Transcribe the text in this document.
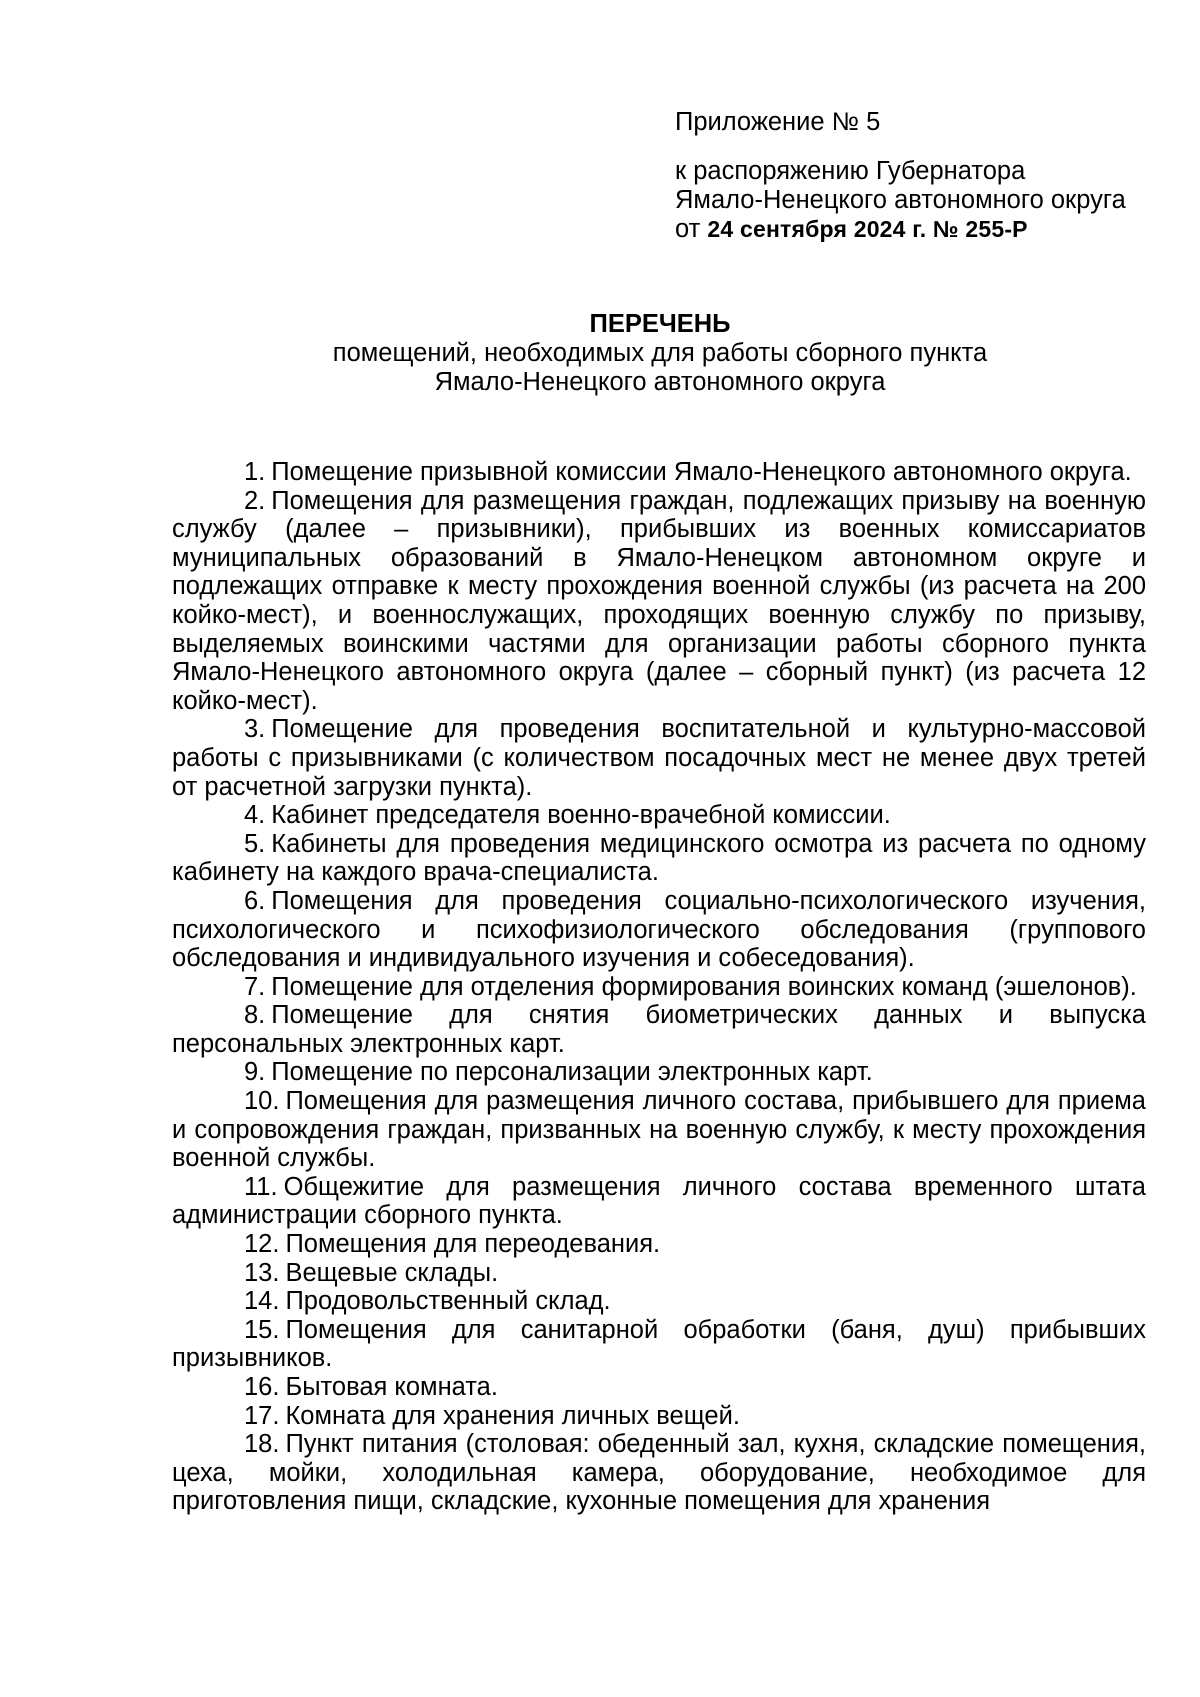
Приложение № 5
к распоряжению Губернатора
Ямало-Ненецкого автономного округа
от 24 сентября 2024 г. № 255-Р
ПЕРЕЧЕНЬ
помещений, необходимых для работы сборного пункта
Ямало-Ненецкого автономного округа

1. Помещение призывной комиссии Ямало-Ненецкого автономного округа.

2. Помещения для размещения граждан, подлежащих призыву на военную службу (далее – призывники), прибывших из военных комиссариатов муниципальных образований в Ямало-Ненецком автономном округе и подлежащих отправке к месту прохождения военной службы (из расчета на 200 койко-мест), и военнослужащих, проходящих военную службу по призыву, выделяемых воинскими частями для организации работы сборного пункта Ямало-Ненецкого автономного округа (далее – сборный пункт) (из расчета 12 койко-мест).

3. Помещение для проведения воспитательной и культурно-массовой работы с призывниками (с количеством посадочных мест не менее двух третей от расчетной загрузки пункта).

4. Кабинет председателя военно-врачебной комиссии.

5. Кабинеты для проведения медицинского осмотра из расчета по одному кабинету на каждого врача-специалиста.

6. Помещения для проведения социально-психологического изучения, психологического и психофизиологического обследования (группового обследования и индивидуального изучения и собеседования).

7. Помещение для отделения формирования воинских команд (эшелонов).

8. Помещение для снятия биометрических данных и выпуска персональных электронных карт.

9. Помещение по персонализации электронных карт.

10. Помещения для размещения личного состава, прибывшего для приема и сопровождения граждан, призванных на военную службу, к месту прохождения военной службы.

11. Общежитие для размещения личного состава временного штата администрации сборного пункта.

12. Помещения для переодевания.

13. Вещевые склады.

14. Продовольственный склад.

15. Помещения для санитарной обработки (баня, душ) прибывших призывников.

16. Бытовая комната.

17. Комната для хранения личных вещей.

18. Пункт питания (столовая: обеденный зал, кухня, складские помещения, цеха, мойки, холодильная камера, оборудование, необходимое для приготовления пищи, складские, кухонные помещения для хранения
